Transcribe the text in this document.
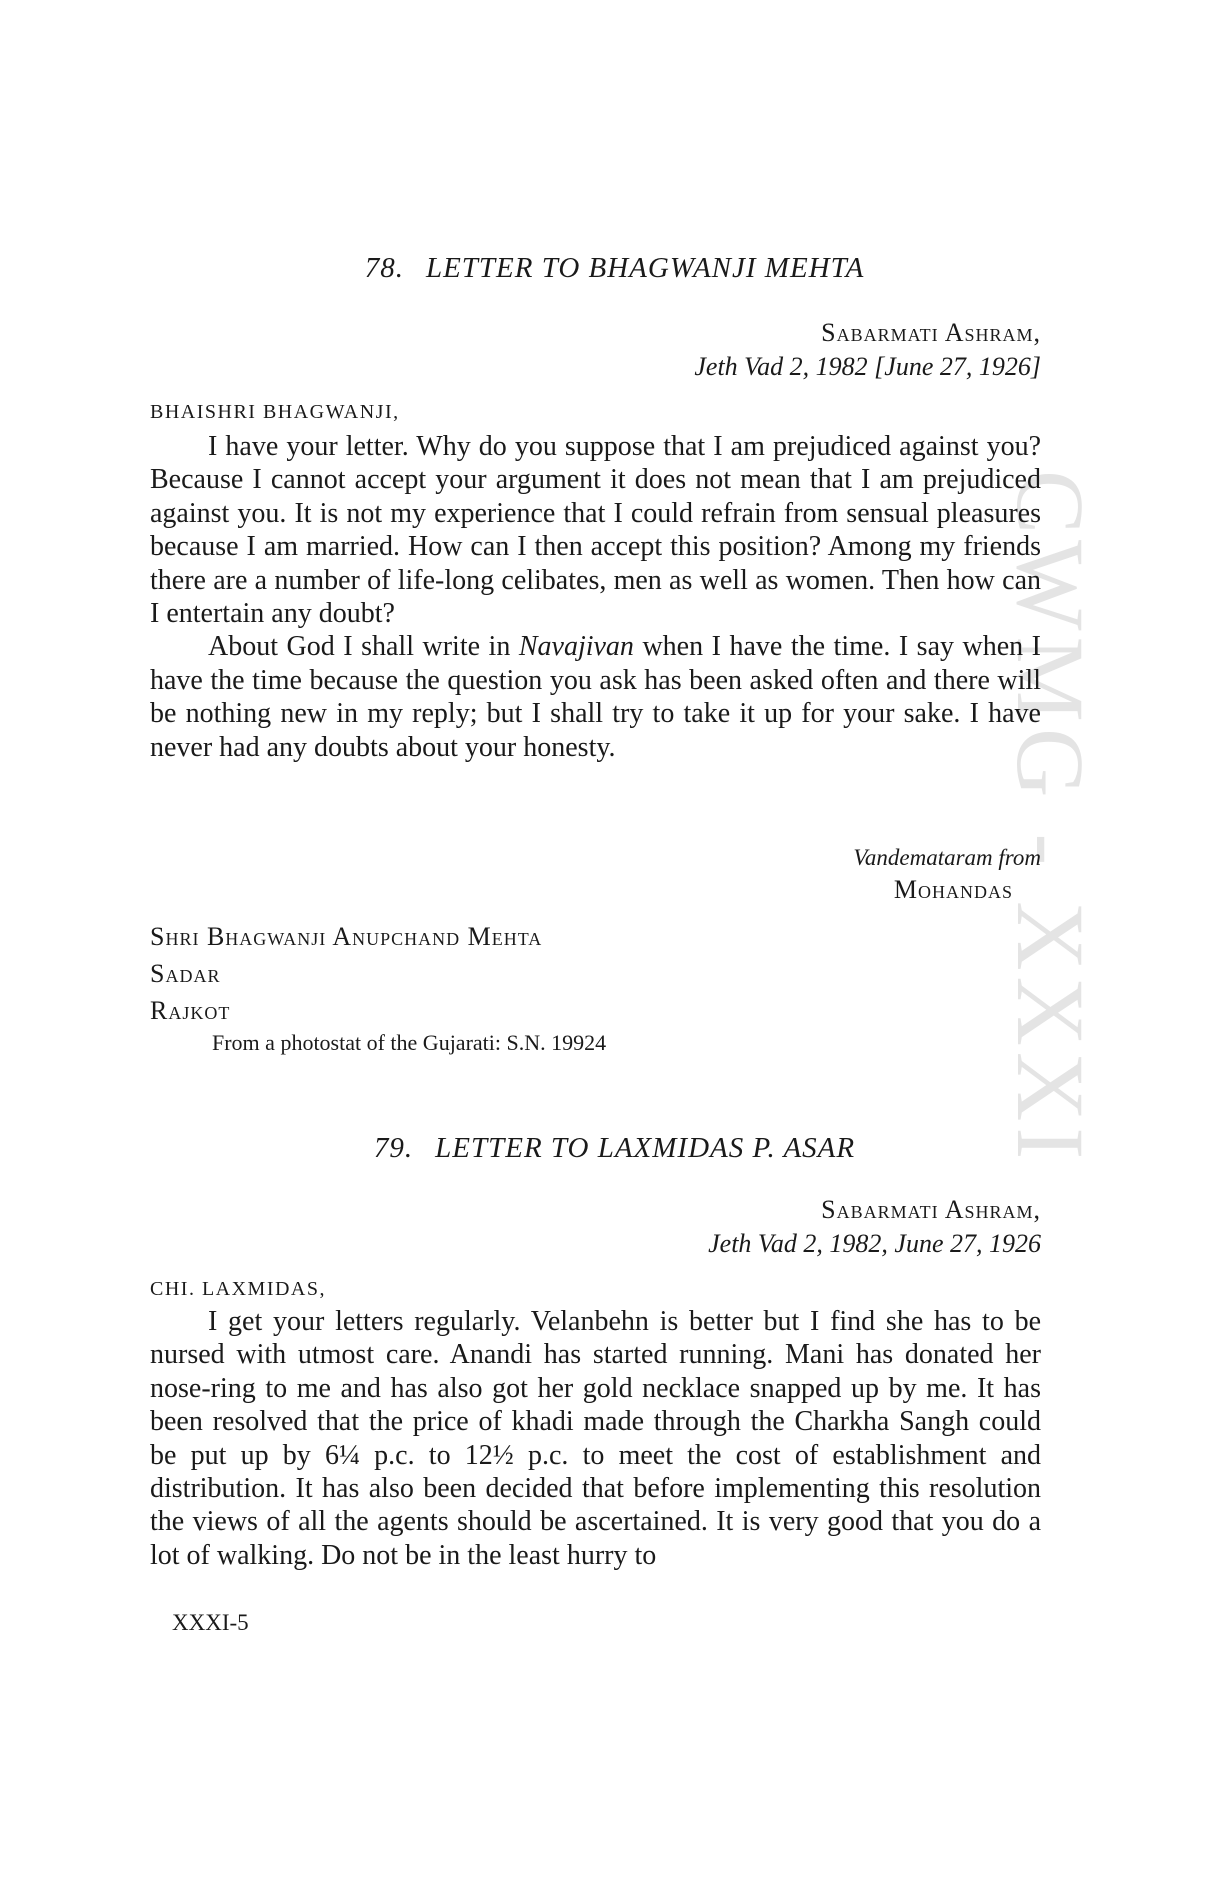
CWMG - XXXI
78. LETTER TO BHAGWANJI MEHTA
Sabarmati Ashram,
Jeth Vad 2, 1982 [June 27, 1926]
BHAISHRI BHAGWANJI,

I have your letter. Why do you suppose that I am prejudiced against you? Because I cannot accept your argument it does not mean that I am prejudiced against you. It is not my experience that I could refrain from sensual pleasures because I am married. How can I then accept this position? Among my friends there are a number of life-long celibates, men as well as women. Then how can I entertain any doubt?

About God I shall write in Navajivan when I have the time. I say when I have the time because the question you ask has been asked often and there will be nothing new in my reply; but I shall try to take it up for your sake. I have never had any doubts about your honesty.

Vandemataram from
Mohandas
Shri Bhagwanji Anupchand Mehta
Sadar
Rajkot
From a photostat of the Gujarati: S.N. 19924
79. LETTER TO LAXMIDAS P. ASAR
Sabarmati Ashram,
Jeth Vad 2, 1982, June 27, 1926
CHI. LAXMIDAS,

I get your letters regularly. Velanbehn is better but I find she has to be nursed with utmost care. Anandi has started running. Mani has donated her nose-ring to me and has also got her gold necklace snapped up by me. It has been resolved that the price of khadi made through the Charkha Sangh could be put up by 6¼ p.c. to 12½ p.c. to meet the cost of establishment and distribution. It has also been decided that before implementing this resolution the views of all the agents should be ascertained. It is very good that you do a lot of walking. Do not be in the least hurry to

XXXI-5
